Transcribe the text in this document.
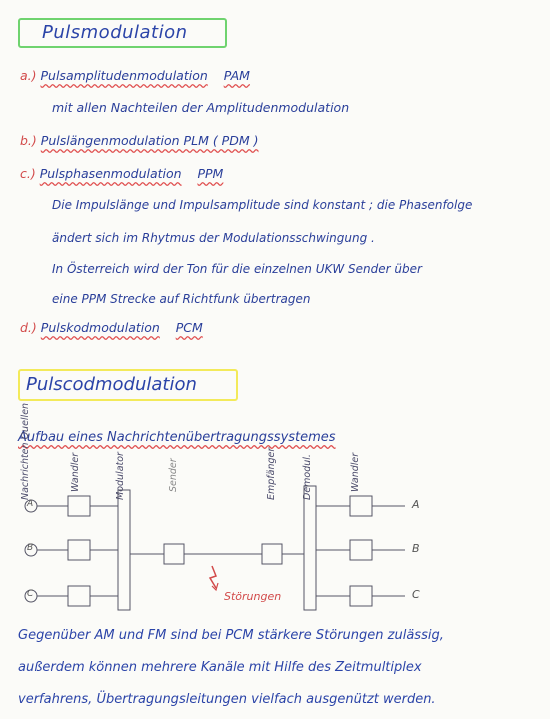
Pulsmodulation
a.) Pulsamplitudenmodulation PAM
mit allen Nachteilen der Amplitudenmodulation
b.) Pulslängenmodulation PLM ( PDM )
c.) Pulsphasenmodulation PPM
Die Impulslänge und Impulsamplitude sind konstant ; die Phasenfolge
ändert sich im Rhytmus der Modulationsschwingung .
In Österreich wird der Ton für die einzelnen UKW Sender über
eine PPM Strecke auf Richtfunk übertragen
d.) Pulskodmodulation PCM
Pulscodmodulation
Aufbau eines Nachrichtenübertragungssystemes
Nachrichten Quellen	Wandler	Modulator	Sender	Empfänger	Demodul.	Wandler
A
B
C
A
B
C
Störungen
Gegenüber AM und FM sind bei PCM stärkere Störungen zulässig,
außerdem können mehrere Kanäle mit Hilfe des Zeitmultiplex
verfahrens, Übertragungsleitungen vielfach ausgenützt werden.
